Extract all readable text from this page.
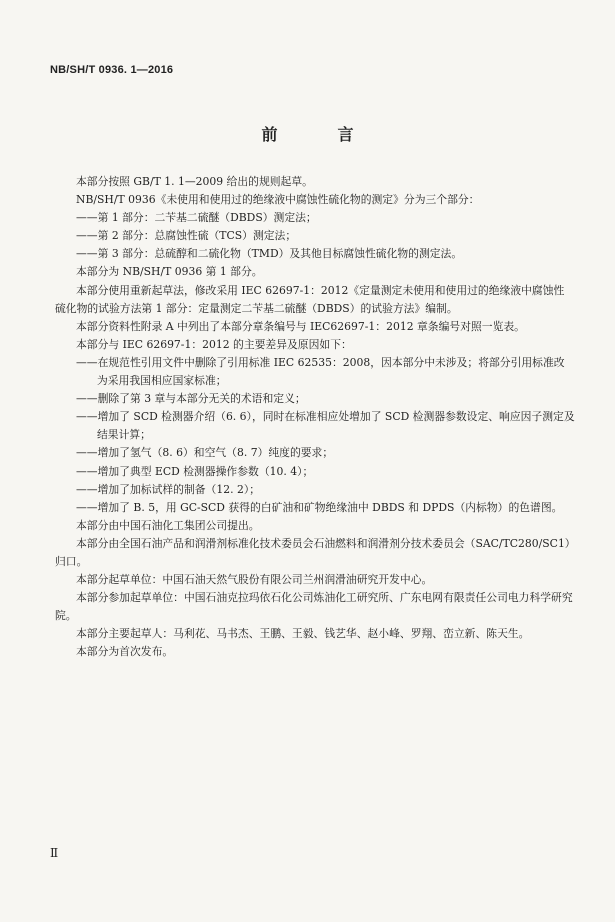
NB/SH/T 0936. 1—2016
前　言

本部分按照 GB/T 1. 1—2009 给出的规则起草。

NB/SH/T 0936《未使用和使用过的绝缘液中腐蚀性硫化物的测定》分为三个部分：

——第 1 部分：二苄基二硫醚（DBDS）测定法；

——第 2 部分：总腐蚀性硫（TCS）测定法；

——第 3 部分：总硫醇和二硫化物（TMD）及其他目标腐蚀性硫化物的测定法。

本部分为 NB/SH/T 0936 第 1 部分。

本部分使用重新起草法，修改采用 IEC 62697-1：2012《定量测定未使用和使用过的绝缘液中腐蚀性硫化物的试验方法第 1 部分：定量测定二苄基二硫醚（DBDS）的试验方法》编制。

本部分资料性附录 A 中列出了本部分章条编号与 IEC62697-1：2012 章条编号对照一览表。

本部分与 IEC 62697-1：2012 的主要差异及原因如下：

——在规范性引用文件中删除了引用标准 IEC 62535：2008，因本部分中未涉及；将部分引用标准改为采用我国相应国家标准；

——删除了第 3 章与本部分无关的术语和定义；

——增加了 SCD 检测器介绍（6. 6），同时在标准相应处增加了 SCD 检测器参数设定、响应因子测定及结果计算；

——增加了氢气（8. 6）和空气（8. 7）纯度的要求；

——增加了典型 ECD 检测器操作参数（10. 4）；

——增加了加标试样的制备（12. 2）；

——增加了 B. 5，用 GC-SCD 获得的白矿油和矿物绝缘油中 DBDS 和 DPDS（内标物）的色谱图。

本部分由中国石油化工集团公司提出。

本部分由全国石油产品和润滑剂标准化技术委员会石油燃料和润滑剂分技术委员会（SAC/TC280/SC1）归口。

本部分起草单位：中国石油天然气股份有限公司兰州润滑油研究开发中心。

本部分参加起草单位：中国石油克拉玛依石化公司炼油化工研究所、广东电网有限责任公司电力科学研究院。

本部分主要起草人：马利花、马书杰、王鹏、王毅、钱艺华、赵小峰、罗翔、峦立新、陈天生。

本部分为首次发布。

Ⅱ
